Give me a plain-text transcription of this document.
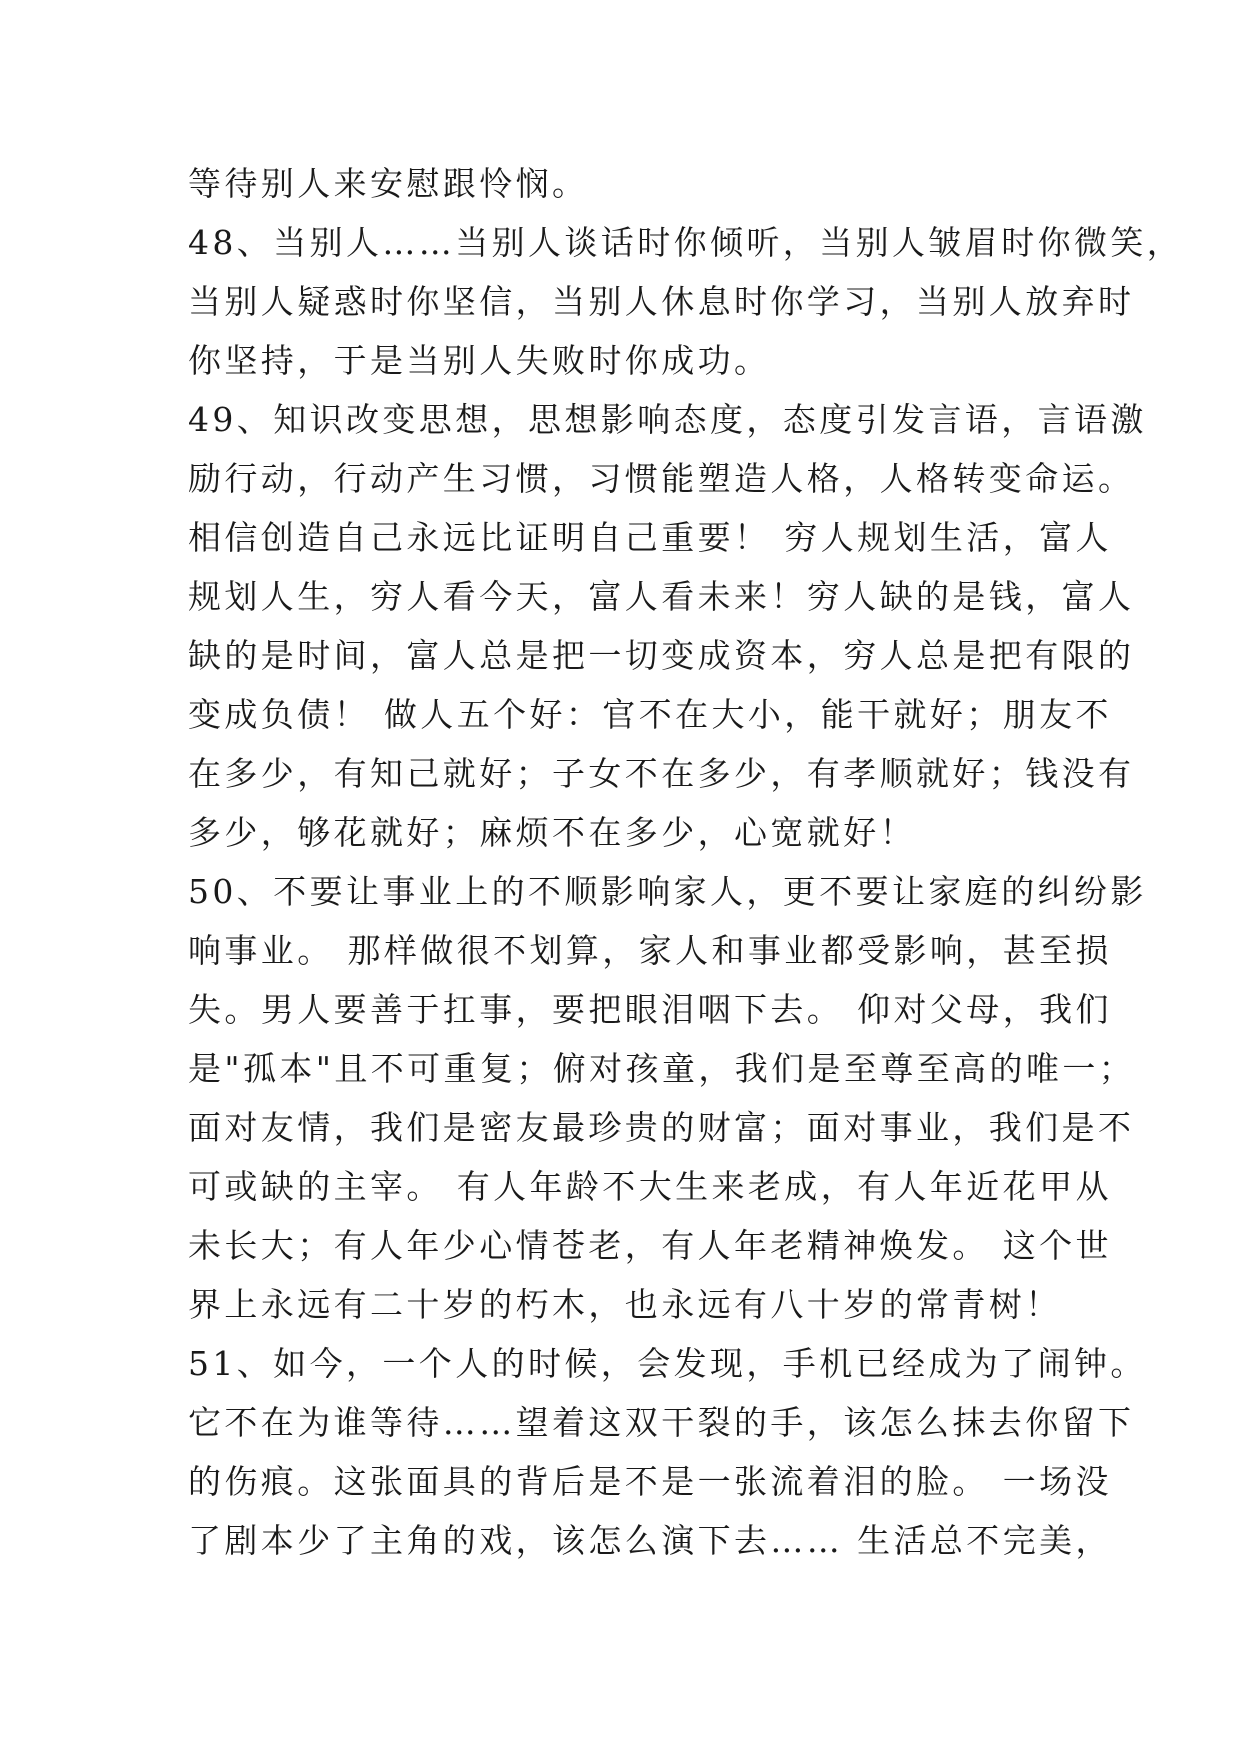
等待别人来安慰跟怜悯。
48、当别人……当别人谈话时你倾听，当别人皱眉时你微笑，
当别人疑惑时你坚信，当别人休息时你学习，当别人放弃时
你坚持，于是当别人失败时你成功。
49、知识改变思想，思想影响态度，态度引发言语，言语激
励行动，行动产生习惯，习惯能塑造人格，人格转变命运。
相信创造自己永远比证明自己重要！ 穷人规划生活，富人
规划人生，穷人看今天，富人看未来！穷人缺的是钱，富人
缺的是时间，富人总是把一切变成资本，穷人总是把有限的
变成负债！ 做人五个好：官不在大小，能干就好；朋友不
在多少，有知己就好；子女不在多少，有孝顺就好；钱没有
多少，够花就好；麻烦不在多少，心宽就好！
50、不要让事业上的不顺影响家人，更不要让家庭的纠纷影
响事业。 那样做很不划算，家人和事业都受影响，甚至损
失。男人要善于扛事，要把眼泪咽下去。 仰对父母，我们
是"孤本"且不可重复；俯对孩童，我们是至尊至高的唯一；
面对友情，我们是密友最珍贵的财富；面对事业，我们是不
可或缺的主宰。 有人年龄不大生来老成，有人年近花甲从
未长大；有人年少心情苍老，有人年老精神焕发。 这个世
界上永远有二十岁的朽木，也永远有八十岁的常青树！
51、如今，一个人的时候，会发现，手机已经成为了闹钟。
它不在为谁等待……望着这双干裂的手，该怎么抹去你留下
的伤痕。这张面具的背后是不是一张流着泪的脸。 一场没
了剧本少了主角的戏，该怎么演下去…… 生活总不完美，
